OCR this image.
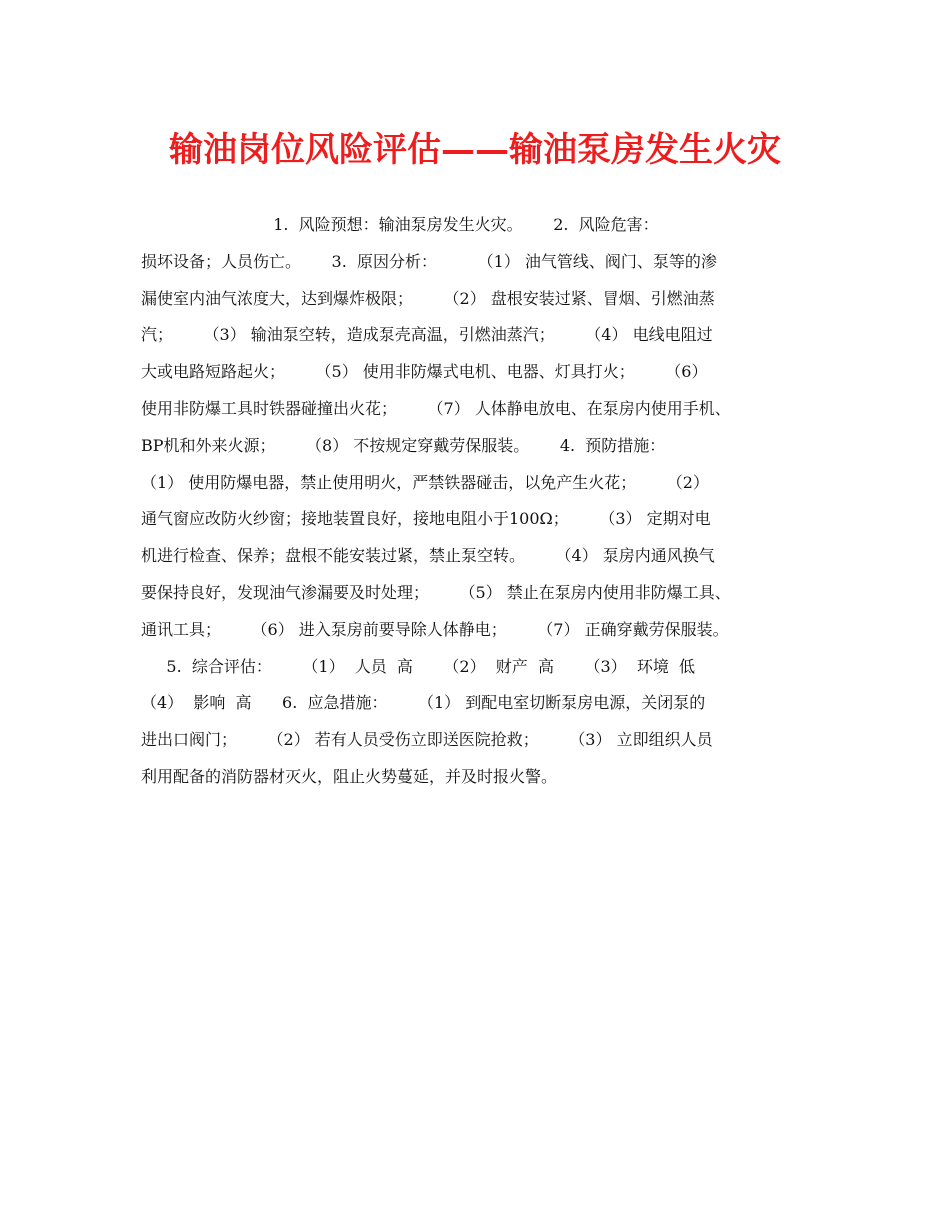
输油岗位风险评估——输油泵房发生火灾
1.  风险预想：输油泵房发生火灾。      2.  风险危害：
损坏设备；人员伤亡。      3.  原因分析：        （1） 油气管线、阀门、泵等的渗
漏使室内油气浓度大，达到爆炸极限；      （2） 盘根安装过紧、冒烟、引燃油蒸
汽；      （3） 输油泵空转，造成泵壳高温，引燃油蒸汽；      （4） 电线电阻过
大或电路短路起火；      （5） 使用非防爆式电机、电器、灯具打火；      （6）
使用非防爆工具时铁器碰撞出火花；      （7） 人体静电放电、在泵房内使用手机、
BP机和外来火源；      （8） 不按规定穿戴劳保服装。      4.  预防措施：
（1） 使用防爆电器，禁止使用明火，严禁铁器碰击，以免产生火花；      （2）
通气窗应改防火纱窗；接地装置良好，接地电阻小于100Ω；      （3） 定期对电
机进行检查、保养；盘根不能安装过紧，禁止泵空转。      （4） 泵房内通风换气
要保持良好，发现油气渗漏要及时处理；      （5） 禁止在泵房内使用非防爆工具、
通讯工具；      （6） 进入泵房前要导除人体静电；      （7） 正确穿戴劳保服装。
5.  综合评估：      （1）  人员  高      （2）  财产  高      （3）  环境  低
（4）  影响  高      6.  应急措施：      （1） 到配电室切断泵房电源，关闭泵的
进出口阀门；      （2） 若有人员受伤立即送医院抢救；      （3） 立即组织人员
利用配备的消防器材灭火，阻止火势蔓延，并及时报火警。
